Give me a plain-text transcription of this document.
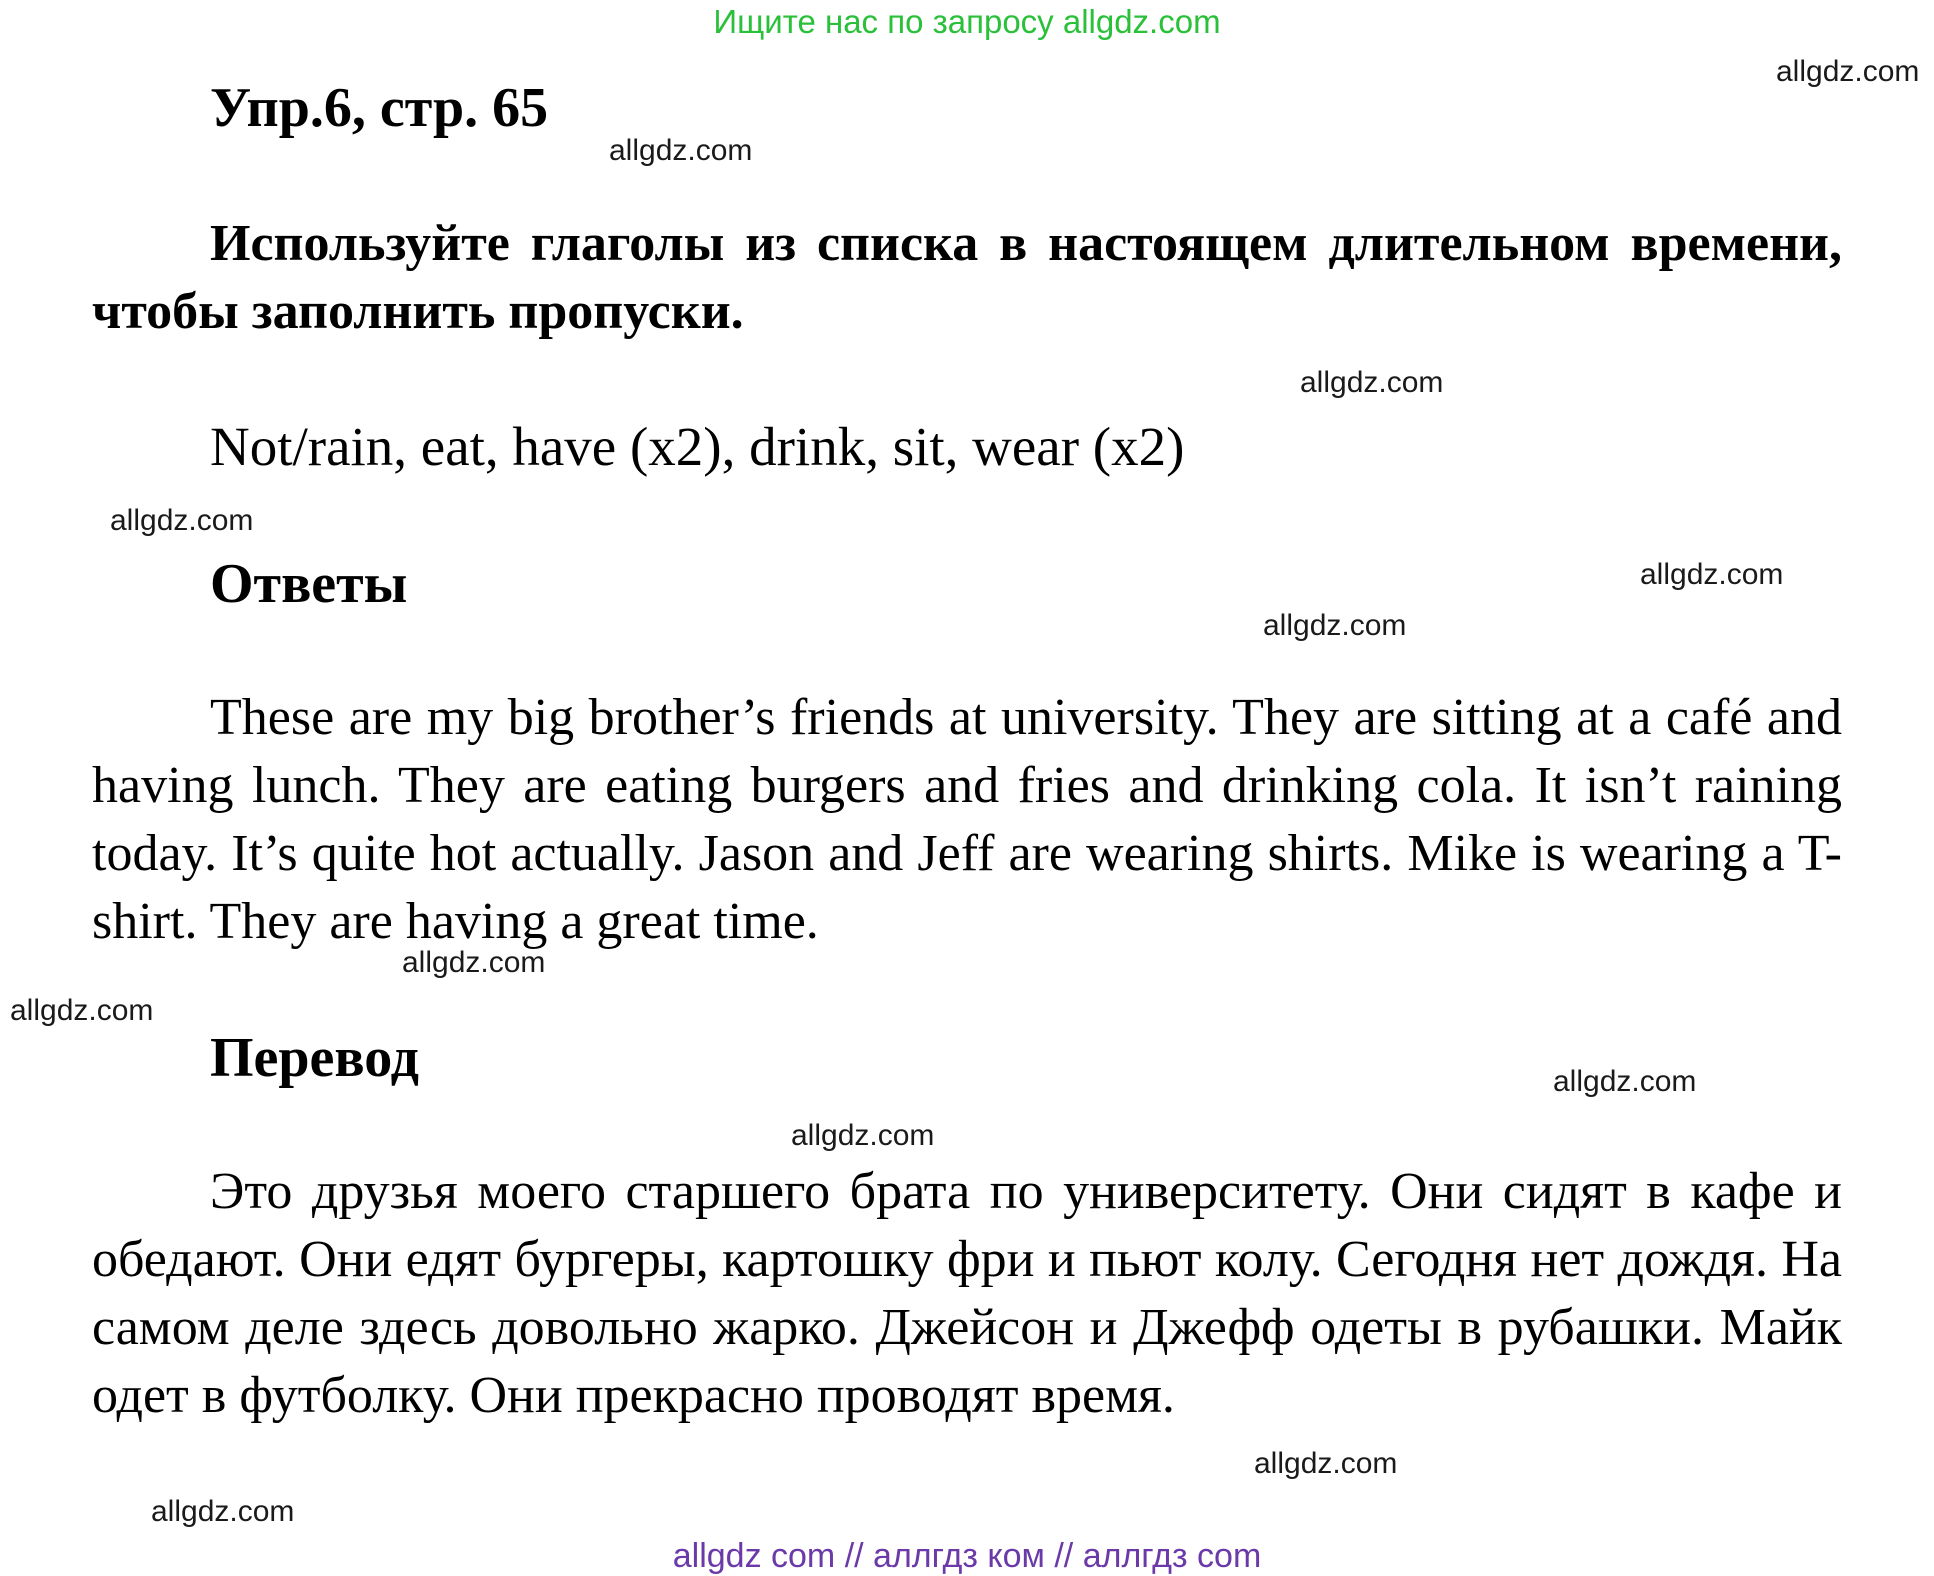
Ищите нас по запросу allgdz.com
allgdz.com
allgdz.com
allgdz.com
allgdz.com
allgdz.com
allgdz.com
allgdz.com
allgdz.com
allgdz.com
allgdz.com
allgdz.com
allgdz.com
Упр.6, стр. 65

Используйте глаголы из списка в настоящем длительном времени, чтобы заполнить пропуски.

Not/rain, eat, have (x2), drink, sit, wear (x2)

Ответы

These are my big brother’s friends at university. They are sitting at a café and having lunch. They are eating burgers and fries and drinking cola. It isn’t raining today. It’s quite hot actually. Jason and Jeff are wearing shirts. Mike is wearing a T-shirt. They are having a great time.

Перевод

Это друзья моего старшего брата по университету. Они сидят в кафе и обедают. Они едят бургеры, картошку фри и пьют колу. Сегодня нет дождя. На самом деле здесь довольно жарко. Джейсон и Джефф одеты в рубашки. Майк одет в футболку. Они прекрасно проводят время.

allgdz com // аллгдз ком // аллгдз com
